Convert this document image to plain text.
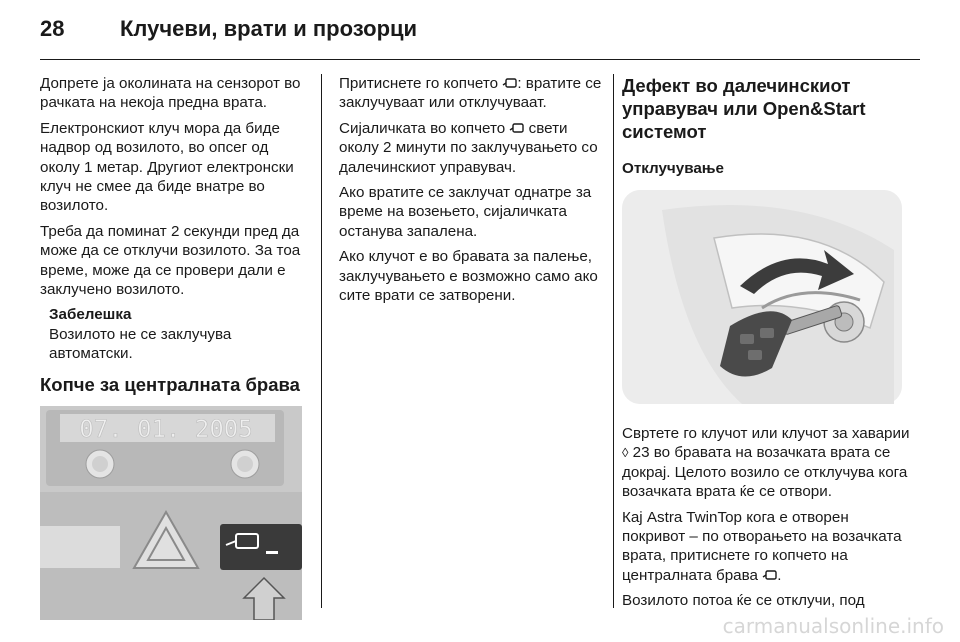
28	Клучеви, врати и прозорци

Допрете ја околината на сензорот во рачката на некоја предна врата.

Електронскиот клуч мора да биде надвор од возилото, во опсег од околу 1 метар. Другиот електронски клуч не смее да биде внатре во возилото.

Треба да поминат 2 секунди пред да може да се отклучи возилото. За тоа време, може да се провери дали е заклучено возилото.

Забелешка
Возилото не се заклучува автоматски.
Копче за централната брава
07. 01. 2005

Притиснете го копчето : вратите се заклучуваат или отклучуваат.

Сијаличката во копчето  свети околу 2 минути по заклучувањето со далечинскиот управувач.

Ако вратите се заклучат однатре за време на возењето, сијаличката останува запалена.

Ако клучот е во бравата за палење, заклучувањето е возможно само ако сите врати се затворени.

Дефект во далечинскиот управувач или Open&Start системот
Отклучување

Свртете го клучот или клучот за хаварии ◊ 23 во бравата на возачката врата се докрај. Целото возило се отклучува кога возачката врата ќе се отвори.

Кај Astra TwinTop кога е отворен покривот – по отворањето на возачката врата, притиснете го копчето на централната брава .

Возилото потоа ќе се отклучи, под

carmanualsonline.info
